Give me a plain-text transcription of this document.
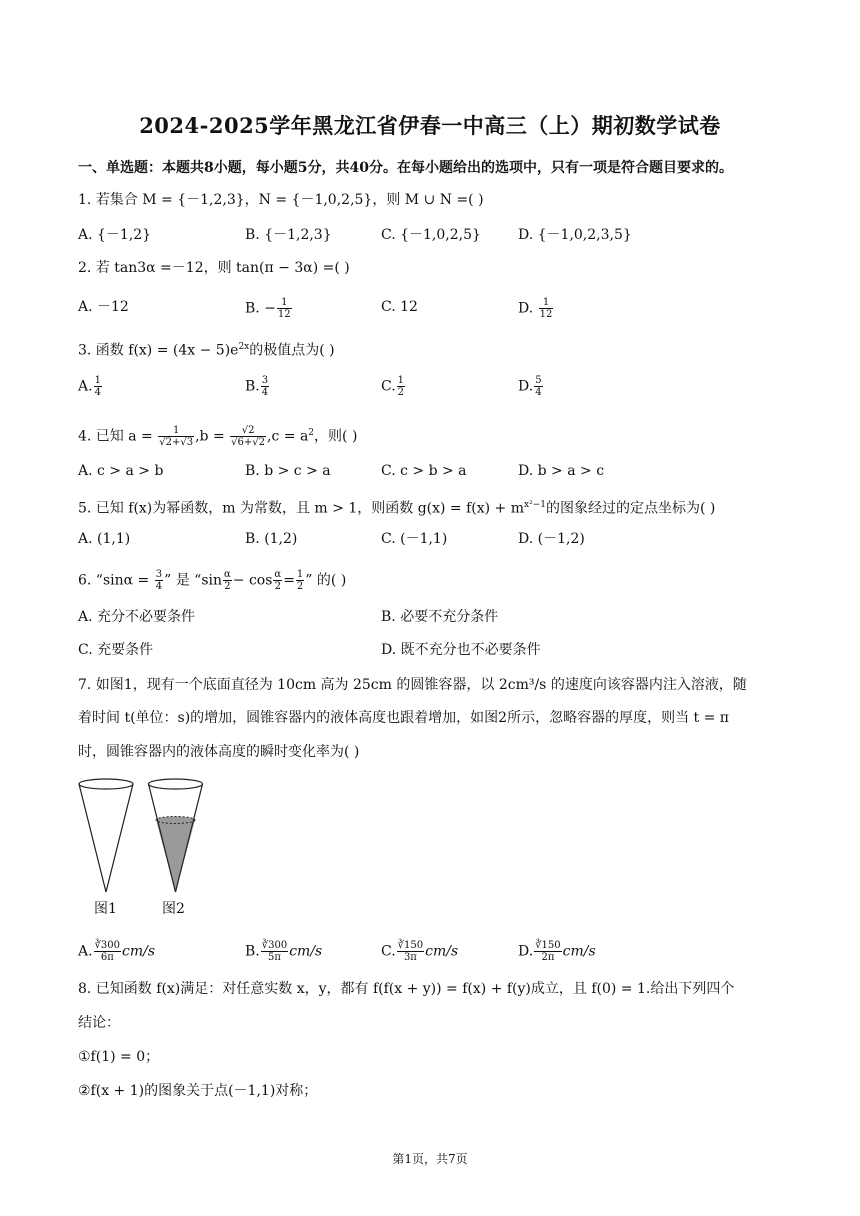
2024-2025学年黑龙江省伊春一中高三（上）期初数学试卷
一、单选题：本题共8小题，每小题5分，共40分。在每小题给出的选项中，只有一项是符合题目要求的。
1. 若集合 M = {－1,2,3}，N = {－1,0,2,5}，则 M ∪ N =( )
A. {－1,2}	B. {－1,2,3}	C. {－1,0,2,5}	D. {－1,0,2,3,5}
2. 若 tan3α =－12，则 tan(π − 3α) =( )
A. －12	B. − $\frac{1}{12}$	C. 12	D. $\frac{1}{12}$
3. 函数 $f(x) = (4x - 5)e^{2x}$的极值点为( )
A. $\frac{1}{4}$	B. $\frac{3}{4}$	C. $\frac{1}{2}$	D. $\frac{5}{4}$
4. 已知 $a = \frac{1}{√2+√3} ,b = \frac{√2}{√6+√2} ,c = a^2$，则( )
A. c > a > b	B. b > c > a	C. c > b > a	D. b > a > c
5. 已知 f(x)为幂函数，m 为常数，且 m > 1，则函数 $g(x) = f(x) + m^{x^2-1}$的图象经过的定点坐标为( )
A. (1,1)	B. (1,2)	C. (－1,1)	D. (－1,2)
6. “$\sin\alpha = \frac{3}{4}$ ” 是 “$\sin \frac{\alpha}{2} - \cos \frac{\alpha}{2} = \frac{1}{2}$ ” 的( )
A. 充分不必要条件	B. 必要不充分条件
C. 充要条件	D. 既不充分也不必要条件
7. 如图1，现有一个底面直径为 10cm 高为 25cm 的圆锥容器，以 2cm³/s 的速度向该容器内注入溶液，随
着时间 t(单位：s)的增加，圆锥容器内的液体高度也跟着增加，如图2所示，忽略容器的厚度，则当 t = π
时，圆锥容器内的液体高度的瞬时变化率为( )
图1	图2
A. $\frac{∛300}{6\pi} cm/s$	B. $\frac{∛300}{5\pi} cm/s$	C. $\frac{∛150}{3\pi} cm/s$	D. $\frac{∛150}{2\pi} cm/s$
8. 已知函数 f(x)满足：对任意实数 x，y，都有 f(f(x + y)) = f(x) + f(y)成立，且 f(0) = 1.给出下列四个
结论：
①f(1) = 0；
②f(x + 1)的图象关于点(－1,1)对称；
第1页，共7页
